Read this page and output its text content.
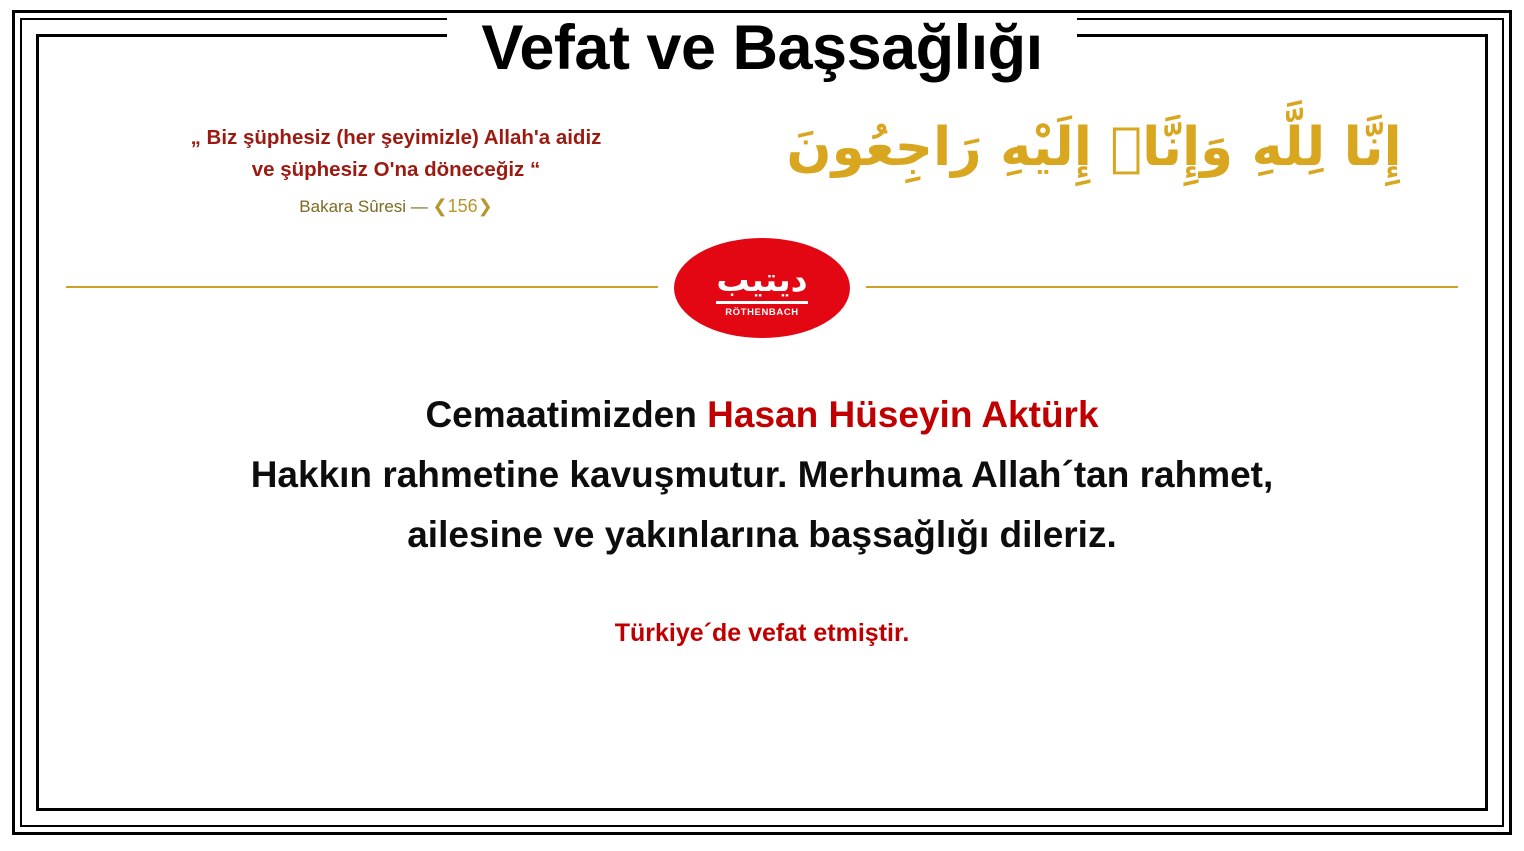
Vefat ve Başsağlığı
„ Biz şüphesiz (her şeyimizle) Allah'a aidiz
ve şüphesiz O'na döneceğiz “
Bakara Sûresi — ❮156❯
إِنَّا لِلَّهِ وَإِنَّاۤ إِلَيْهِ رَاجِعُونَ
ديتيب
RÖTHENBACH
Cemaatimizden Hasan Hüseyin Aktürk
Hakkın rahmetine kavuşmutur. Merhuma Allah´tan rahmet,
ailesine ve yakınlarına başsağlığı dileriz.
Türkiye´de vefat etmiştir.
